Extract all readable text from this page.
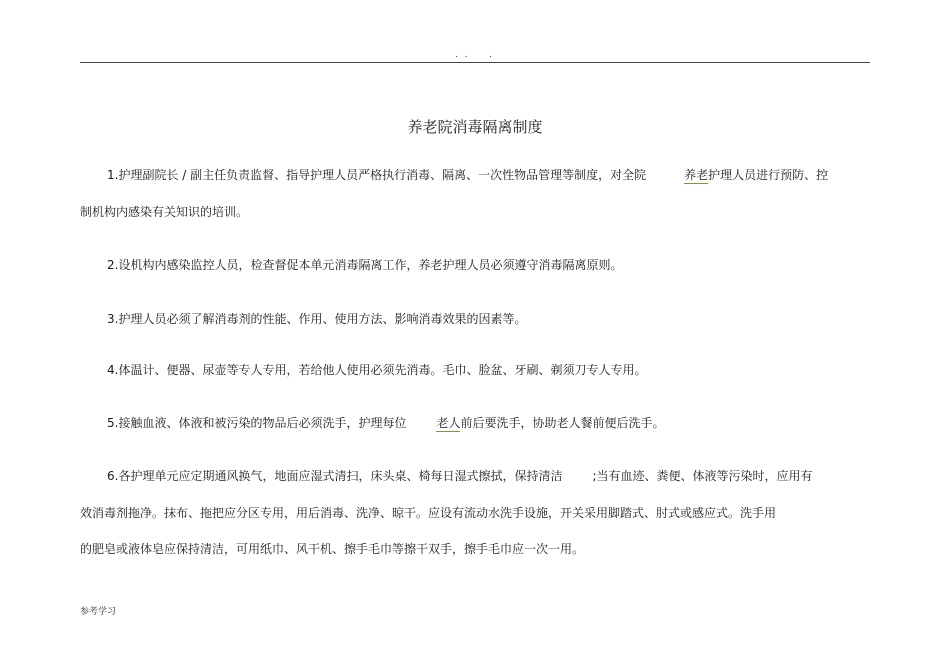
. .    .
养老院消毒隔离制度
1.护理副院长 / 副主任负责监督、指导护理人员严格执行消毒、隔离、一次性物品管理等制度，对全院	养老护理人员进行预防、控
制机构内感染有关知识的培训。
2.设机构内感染监控人员，检查督促本单元消毒隔离工作，养老护理人员必须遵守消毒隔离原则。
3.护理人员必须了解消毒剂的性能、作用、使用方法、影响消毒效果的因素等。
4.体温计、便器、尿壶等专人专用，若给他人使用必须先消毒。毛巾、脸盆、牙刷、剃须刀专人专用。
5.接触血液、体液和被污染的物品后必须洗手，护理每位	老人前后要洗手，协助老人餐前便后洗手。
6.各护理单元应定期通风换气，地面应湿式清扫，床头桌、椅每日湿式擦拭，保持清洁	;当有血迹、粪便、体液等污染时，应用有
效消毒剂拖净。抹布、拖把应分区专用，用后消毒、洗净、晾干。应设有流动水洗手设施，开关采用脚踏式、肘式或感应式。洗手用
的肥皂或液体皂应保持清洁，可用纸巾、风干机、擦手毛巾等擦干双手，擦手毛巾应一次一用。
参考学习
